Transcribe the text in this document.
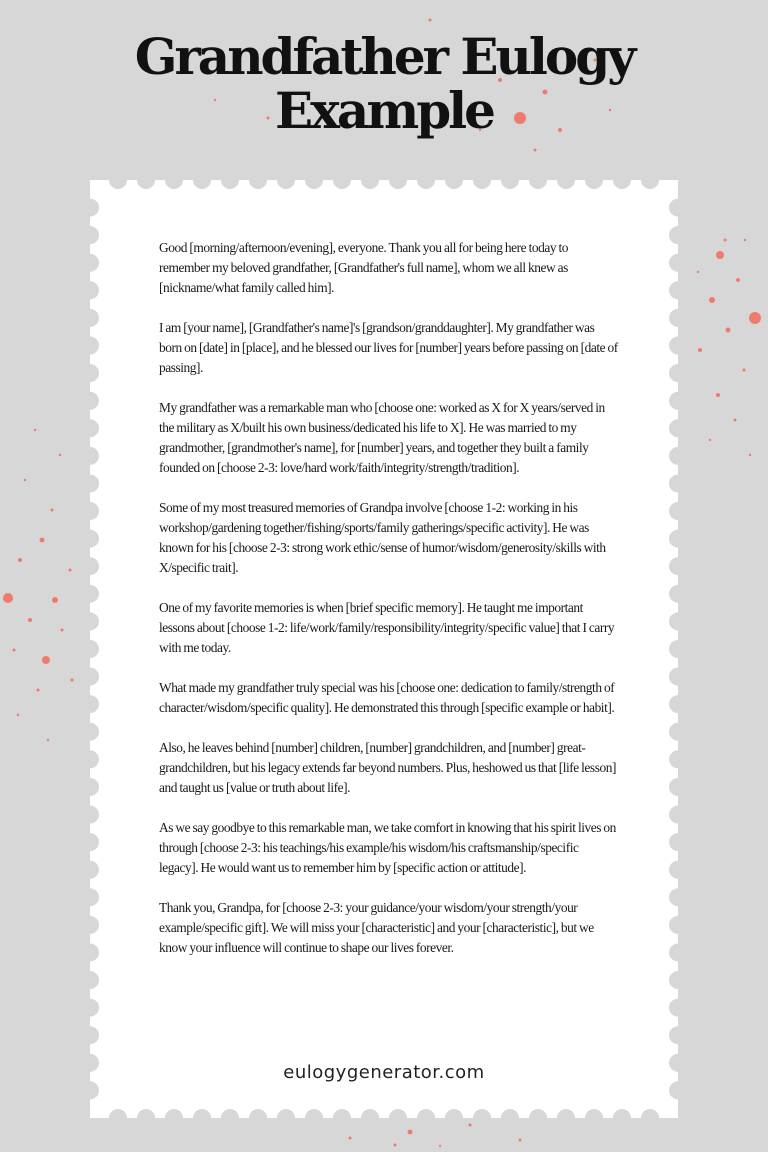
Grandfather Eulogy
Example

Good [morning/afternoon/evening], everyone. Thank you all for being here today to remember my beloved grandfather, [Grandfather's full name], whom we all knew as [nickname/what family called him].

I am [your name], [Grandfather's name]'s [grandson/granddaughter]. My grandfather was born on [date] in [place], and he blessed our lives for [number] years before passing on [date of passing].

My grandfather was a remarkable man who [choose one: worked as X for X years/served in the military as X/built his own business/dedicated his life to X]. He was married to my grandmother, [grandmother's name], for [number] years, and together they built a family founded on [choose 2-3: love/hard work/faith/integrity/strength/tradition].

Some of my most treasured memories of Grandpa involve [choose 1-2: working in his workshop/gardening together/fishing/sports/family gatherings/specific activity]. He was known for his [choose 2-3: strong work ethic/sense of humor/wisdom/generosity/skills with X/specific trait].

One of my favorite memories is when [brief specific memory]. He taught me important lessons about [choose 1-2: life/work/family/responsibility/integrity/specific value] that I carry with me today.

What made my grandfather truly special was his [choose one: dedication to family/strength of character/wisdom/specific quality]. He demonstrated this through [specific example or habit].

Also, he leaves behind [number] children, [number] grandchildren, and [number] great-grandchildren, but his legacy extends far beyond numbers. Plus, heshowed us that [life lesson] and taught us [value or truth about life].

As we say goodbye to this remarkable man, we take comfort in knowing that his spirit lives on through [choose 2-3: his teachings/his example/his wisdom/his craftsmanship/specific legacy]. He would want us to remember him by [specific action or attitude].

Thank you, Grandpa, for [choose 2-3: your guidance/your wisdom/your strength/your example/specific gift]. We will miss your [characteristic] and your [characteristic], but we know your influence will continue to shape our lives forever.

eulogygenerator.com
